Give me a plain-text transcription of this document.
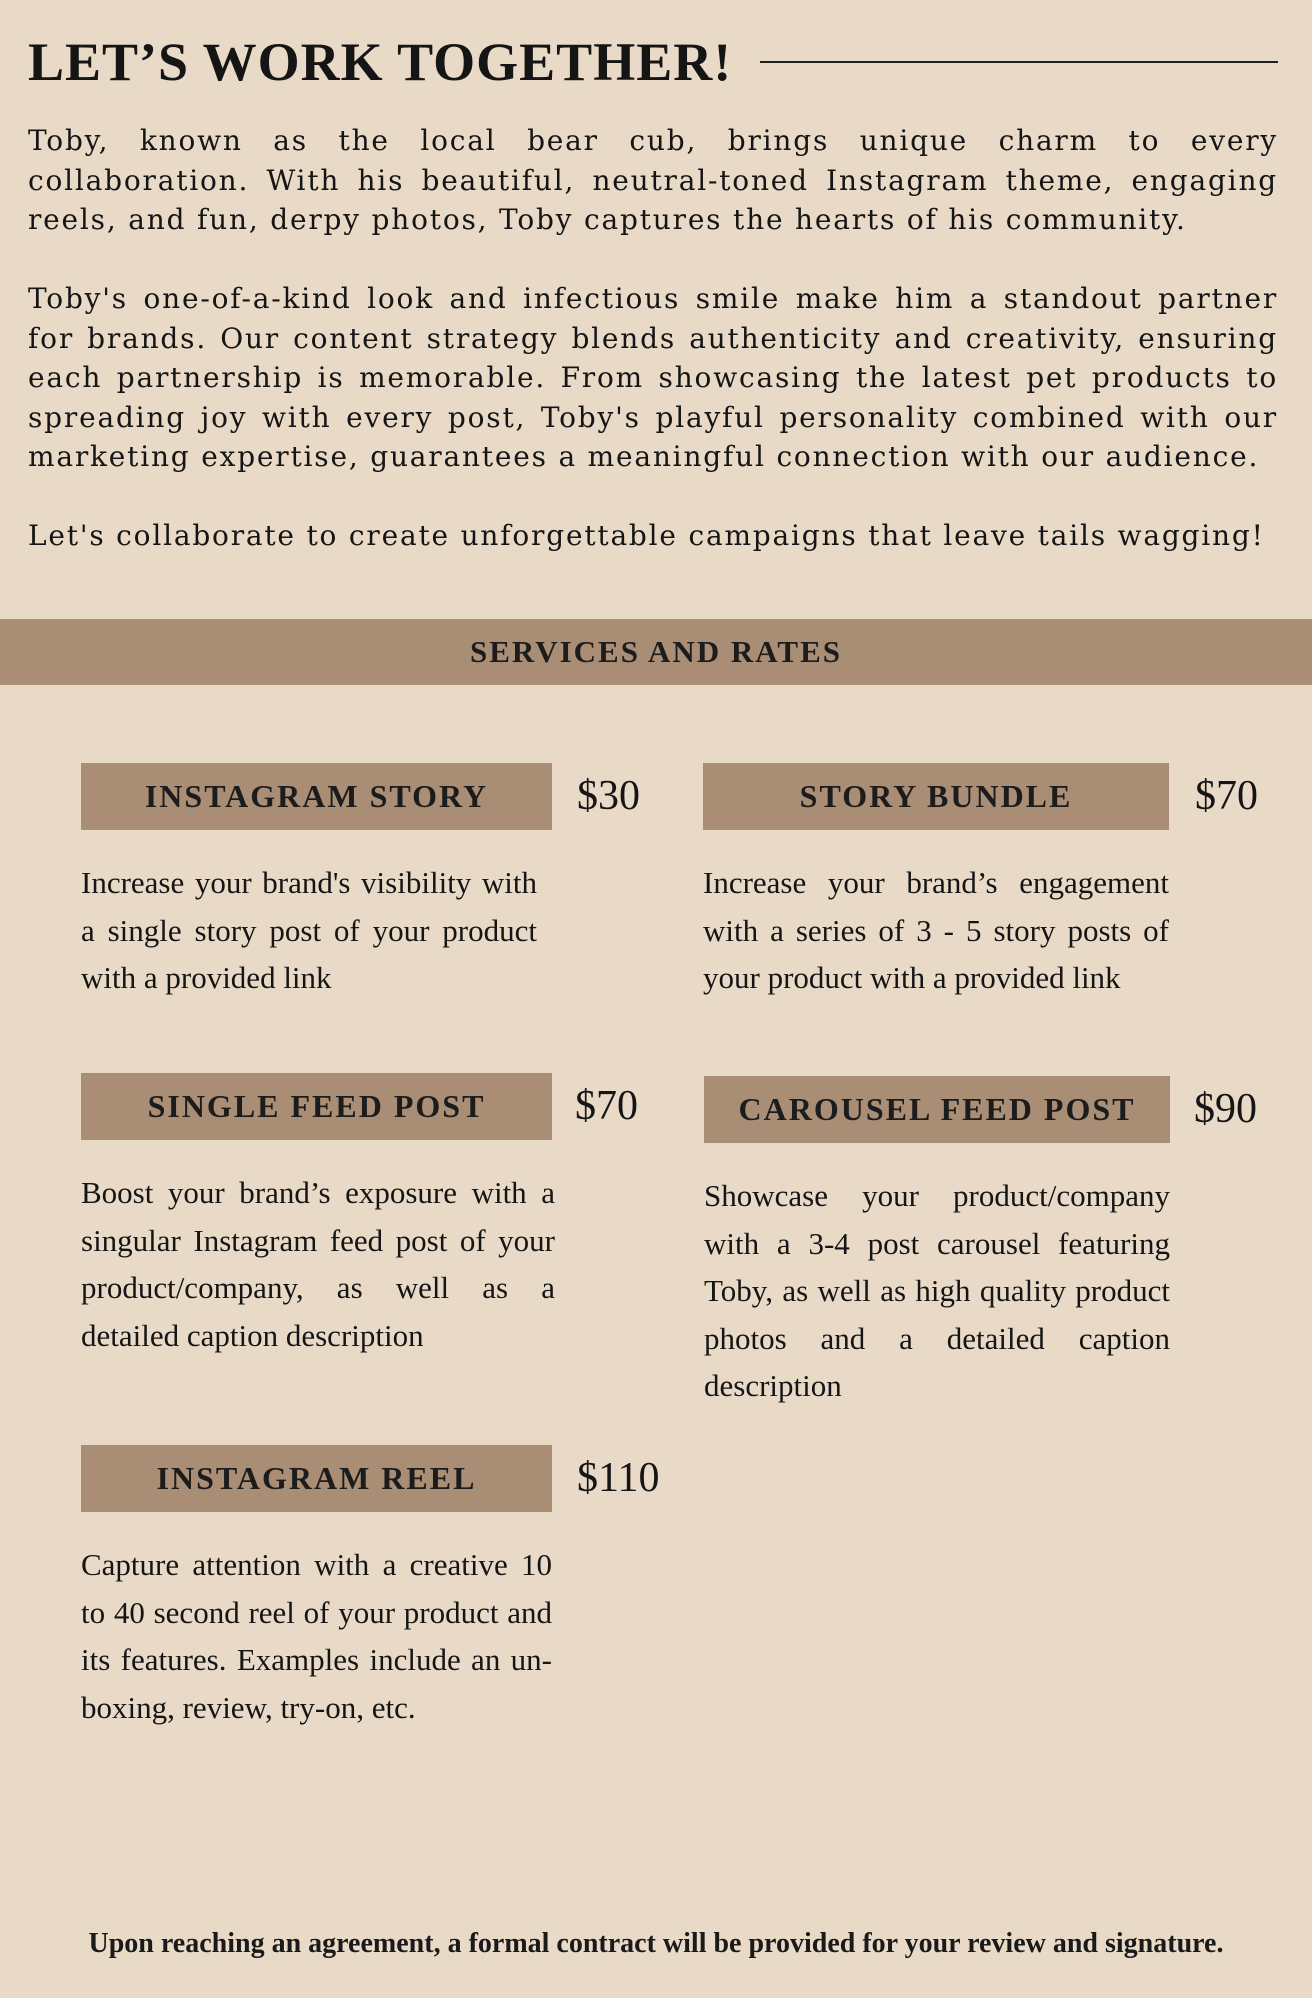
LET’S WORK TOGETHER!

Toby, known as the local bear cub, brings unique charm to every collaboration. With his beautiful, neutral-toned Instagram theme, engaging reels, and fun, derpy photos, Toby captures the hearts of his community.

Toby's one-of-a-kind look and infectious smile make him a standout partner for brands. Our content strategy blends authenticity and creativity, ensuring each partnership is memorable. From showcasing the latest pet products to spreading joy with every post, Toby's playful personality combined with our marketing expertise, guarantees a meaningful connection with our audience.

Let's collaborate to create unforgettable campaigns that leave tails wagging!

SERVICES AND RATES
INSTAGRAM STORY	$30

Increase your brand's visibility with a single story post of your product with a provided link

STORY BUNDLE	$70

Increase your brand’s engagement with a series of 3 - 5 story posts of your product with a provided link

SINGLE FEED POST	$70

Boost your brand’s exposure with a singular Instagram feed post of your product/company, as well as a detailed caption description

CAROUSEL FEED POST	$90

Showcase your product/company with a 3-4 post carousel featuring Toby, as well as high quality product photos and a detailed caption description

INSTAGRAM REEL	$110

Capture attention with a creative 10 to 40 second reel of your product and its features. Examples include an un-boxing, review, try-on, etc.

Upon reaching an agreement, a formal contract will be provided for your review and signature.
